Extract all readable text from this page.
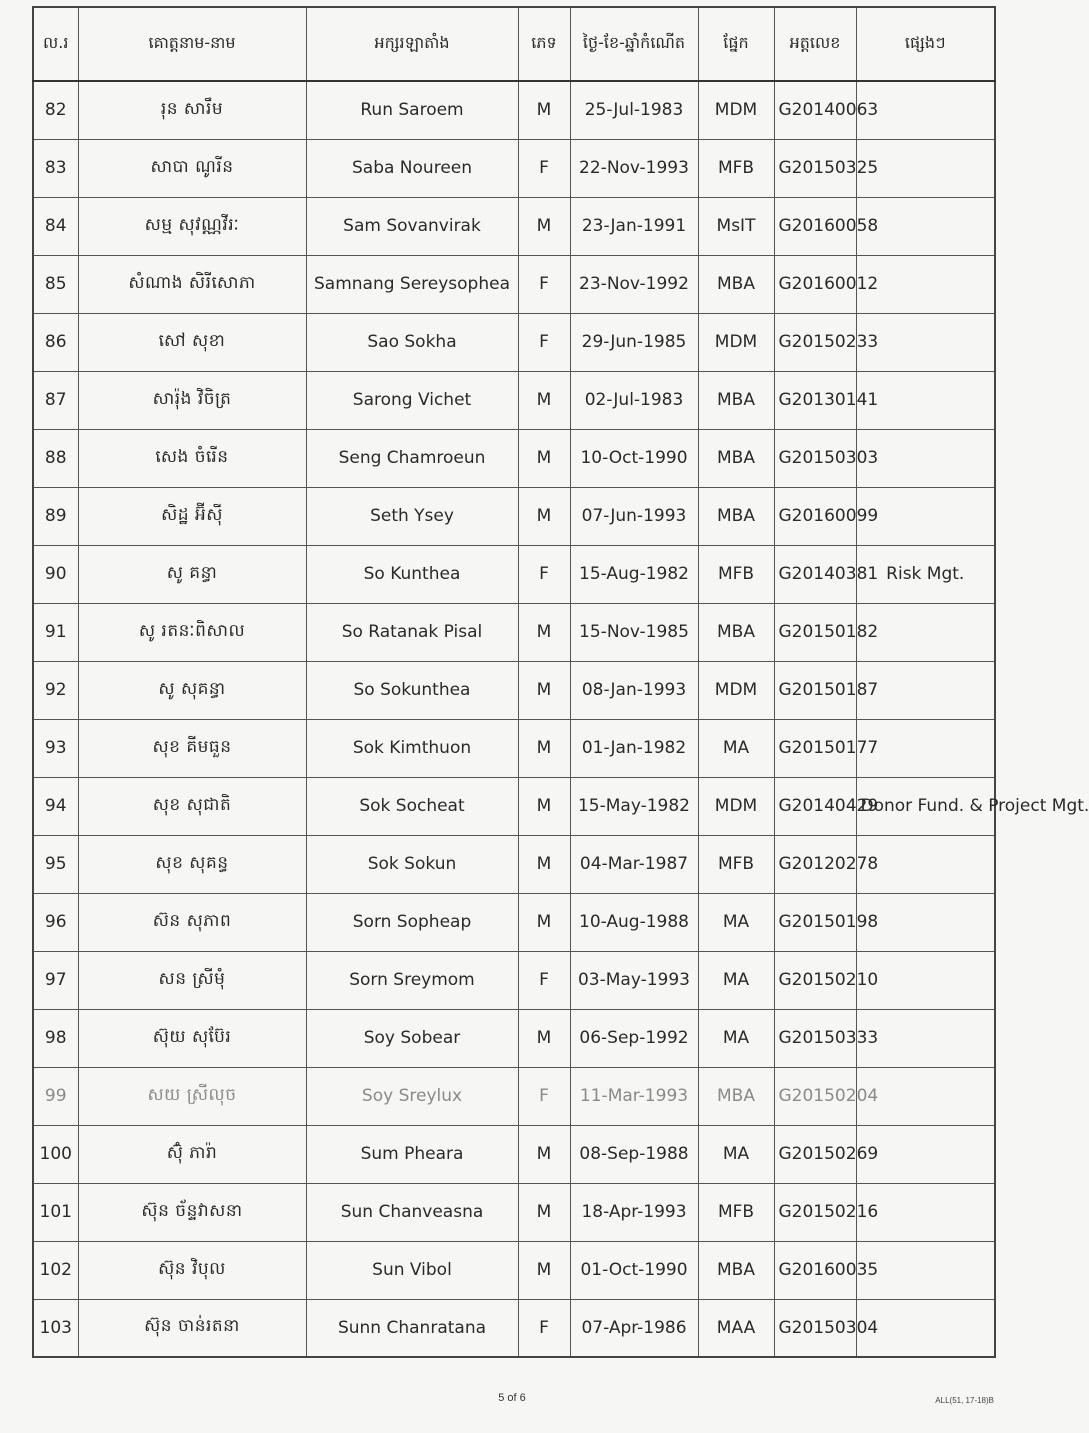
ល.រ	គោត្តនាម-នាម	អក្សរឡាតាំង	ភេទ	ថ្ងៃ-ខែ-ឆ្នាំកំណើត	ផ្នែក	អត្តលេខ	ផ្សេងៗ
82	រុន សារឹម	Run Saroem	M	25-Jul-1983	MDM	G20140063	
83	សាបា ណូរីន	Saba Noureen	F	22-Nov-1993	MFB	G20150325	
84	សម្ម សុវណ្ណវីរៈ	Sam Sovanvirak	M	23-Jan-1991	MsIT	G20160058	
85	សំណាង សិរីសោភា	Samnang Sereysophea	F	23-Nov-1992	MBA	G20160012	
86	សៅ សុខា	Sao Sokha	F	29-Jun-1985	MDM	G20150233	
87	សារ៉ុង វិចិត្រ	Sarong Vichet	M	02-Jul-1983	MBA	G20130141	
88	សេង ចំរើន	Seng Chamroeun	M	10-Oct-1990	MBA	G20150303	
89	សិដ្ឋ អ៊ីស៊ី	Seth Ysey	M	07-Jun-1993	MBA	G20160099	
90	សូ គន្ធា	So Kunthea	F	15-Aug-1982	MFB	G20140381	Risk Mgt.
91	សូ រតនៈពិសាល	So Ratanak Pisal	M	15-Nov-1985	MBA	G20150182	
92	សូ សុគន្ធា	So Sokunthea	M	08-Jan-1993	MDM	G20150187	
93	សុខ គីមធួន	Sok Kimthuon	M	01-Jan-1982	MA	G20150177	
94	សុខ សុជាតិ	Sok Socheat	M	15-May-1982	MDM	G20140429	Donor Fund. & Project Mgt.
95	សុខ សុគន្ធ	Sok Sokun	M	04-Mar-1987	MFB	G20120278	
96	ស៊ន សុភាព	Sorn Sopheap	M	10-Aug-1988	MA	G20150198	
97	សន ស្រីមុំ	Sorn Sreymom	F	03-May-1993	MA	G20150210	
98	ស៊ុយ សុប៊ែរ	Soy Sobear	M	06-Sep-1992	MA	G20150333	
99	សយ ស្រីលុច	Soy Sreylux	F	11-Mar-1993	MBA	G20150204	
100	ស៊ុំ ភារ៉ា	Sum Pheara	M	08-Sep-1988	MA	G20150269	
101	ស៊ុន ច័ន្ទវាសនា	Sun Chanveasna	M	18-Apr-1993	MFB	G20150216	
102	ស៊ុន វិបុល	Sun Vibol	M	01-Oct-1990	MBA	G20160035	
103	ស៊ុន ចាន់រតនា	Sunn Chanratana	F	07-Apr-1986	MAA	G20150304	
5 of 6	ALL(51, 17-18)B
